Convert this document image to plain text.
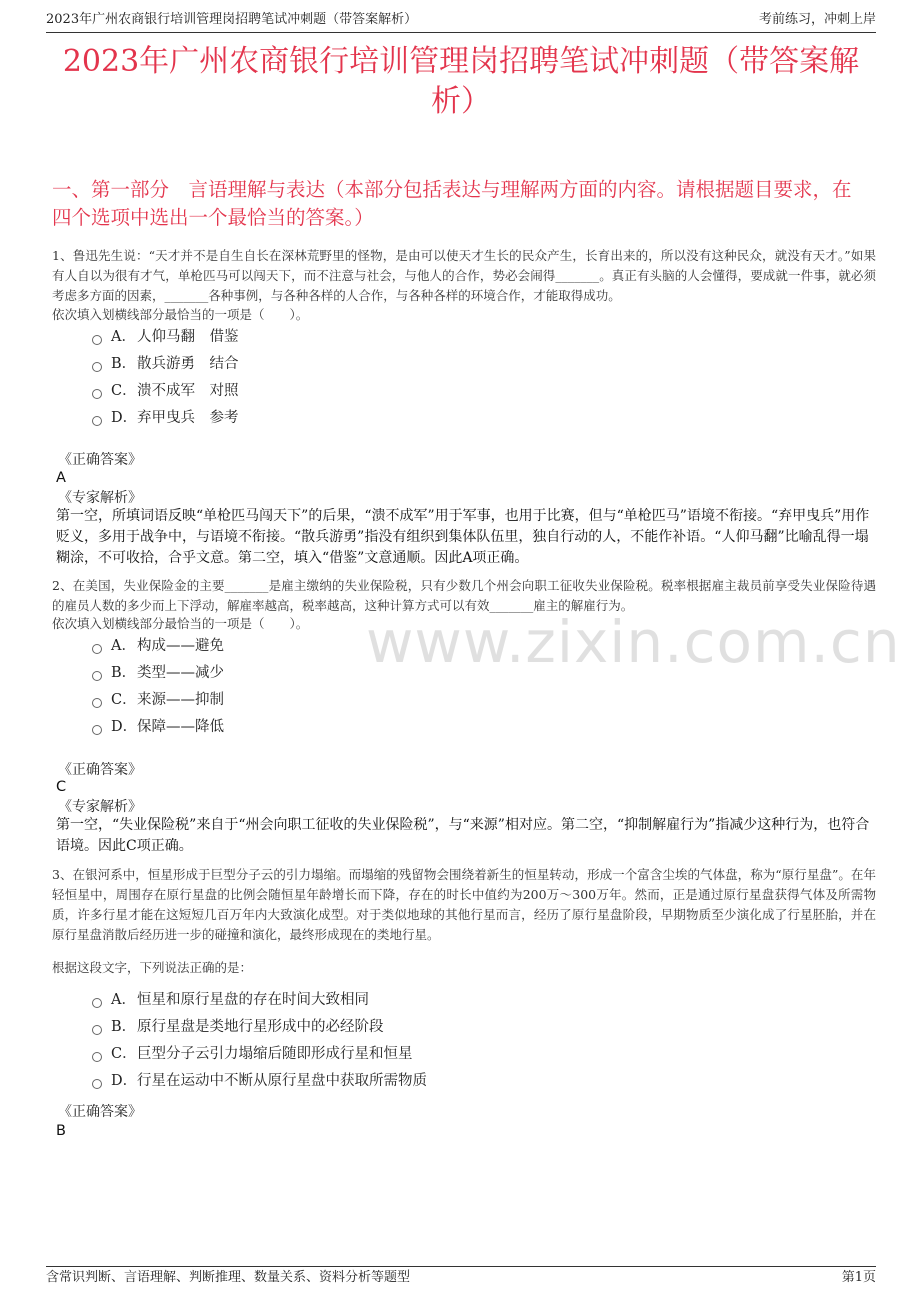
2023年广州农商银行培训管理岗招聘笔试冲刺题（带答案解析）	考前练习，冲刺上岸
2023年广州农商银行培训管理岗招聘笔试冲刺题（带答案解析）
一、第一部分　言语理解与表达（本部分包括表达与理解两方面的内容。请根据题目要求，在四个选项中选出一个最恰当的答案。）

1、鲁迅先生说：“天才并不是自生自长在深林荒野里的怪物，是由可以使天才生长的民众产生，长育出来的，所以没有这种民众，就没有天才。”如果有人自以为很有才气，单枪匹马可以闯天下，而不注意与社会，与他人的合作，势必会闹得_______。真正有头脑的人会懂得，要成就一件事，就必须考虑多方面的因素，_______各种事例，与各种各样的人合作，与各种各样的环境合作，才能取得成功。

依次填入划横线部分最恰当的一项是（　　）。
A． 人仰马翻　借鉴
B． 散兵游勇　结合
C． 溃不成军　对照
D． 弃甲曳兵　参考
《正确答案》
A
《专家解析》
第一空，所填词语反映“单枪匹马闯天下”的后果，“溃不成军”用于军事，也用于比赛，但与“单枪匹马”语境不衔接。“弃甲曳兵”用作贬义，多用于战争中，与语境不衔接。“散兵游勇”指没有组织到集体队伍里，独自行动的人，不能作补语。“人仰马翻”比喻乱得一塌糊涂，不可收拾，合乎文意。第二空，填入“借鉴”文意通顺。因此A项正确。
www.zixin.com.cn

2、在美国，失业保险金的主要_______是雇主缴纳的失业保险税，只有少数几个州会向职工征收失业保险税。税率根据雇主裁员前享受失业保险待遇的雇员人数的多少而上下浮动，解雇率越高，税率越高，这种计算方式可以有效_______雇主的解雇行为。

依次填入划横线部分最恰当的一项是（　　）。
A． 构成——避免
B． 类型——减少
C． 来源——抑制
D． 保障——降低
《正确答案》
C
《专家解析》
第一空，“失业保险税”来自于“州会向职工征收的失业保险税”，与“来源”相对应。第二空，“抑制解雇行为”指减少这种行为，也符合语境。因此C项正确。

3、在银河系中，恒星形成于巨型分子云的引力塌缩。而塌缩的残留物会围绕着新生的恒星转动，形成一个富含尘埃的气体盘，称为“原行星盘”。在年轻恒星中，周围存在原行星盘的比例会随恒星年龄增长而下降，存在的时长中值约为200万～300万年。然而，正是通过原行星盘获得气体及所需物质，许多行星才能在这短短几百万年内大致演化成型。对于类似地球的其他行星而言，经历了原行星盘阶段，早期物质至少演化成了行星胚胎，并在原行星盘消散后经历进一步的碰撞和演化，最终形成现在的类地行星。

根据这段文字，下列说法正确的是：
A． 恒星和原行星盘的存在时间大致相同
B． 原行星盘是类地行星形成中的必经阶段
C． 巨型分子云引力塌缩后随即形成行星和恒星
D． 行星在运动中不断从原行星盘中获取所需物质
《正确答案》
B
含常识判断、言语理解、判断推理、数量关系、资料分析等题型	第1页
